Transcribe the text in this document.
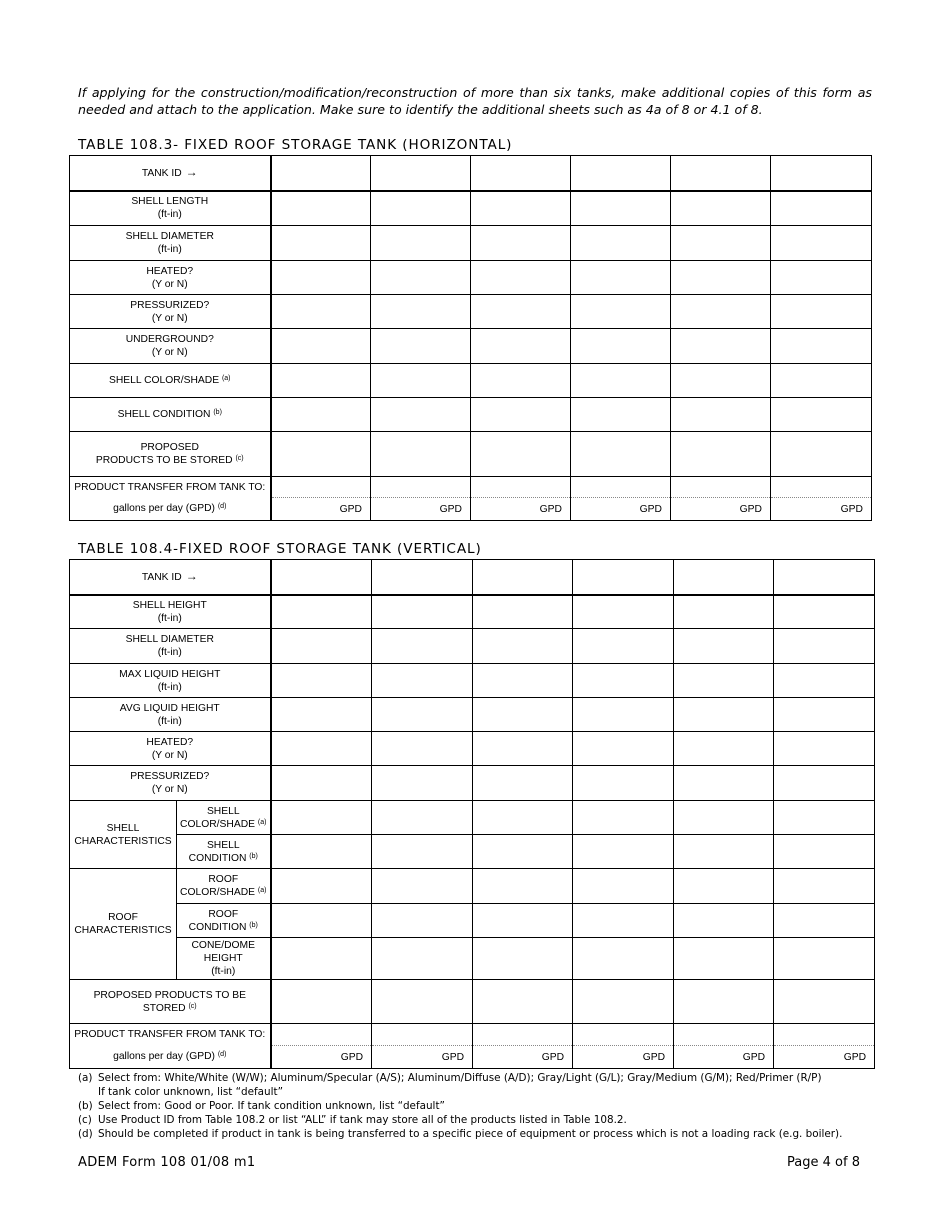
If applying for the construction/modification/reconstruction of more than six tanks, make additional copies of this form as needed and attach to the application. Make sure to identify the additional sheets such as 4a of 8 or 4.1 of 8.
TABLE 108.3- FIXED ROOF STORAGE TANK (HORIZONTAL)
TANK ID →						
SHELL LENGTH
(ft-in)						
SHELL DIAMETER
(ft-in)						
HEATED?
(Y or N)						
PRESSURIZED?
(Y or N)						
UNDERGROUND?
(Y or N)						
SHELL COLOR/SHADE $^{(a)}$						
SHELL CONDITION $^{(b)}$						
PROPOSED
PRODUCTS TO BE STORED $^{(c)}$						
PRODUCT TRANSFER FROM TANK TO:						
gallons per day (GPD) $^{(d)}$	GPD	GPD	GPD	GPD	GPD	GPD
TABLE 108.4-FIXED ROOF STORAGE TANK (VERTICAL)
TANK ID →							
SHELL HEIGHT
(ft-in)							
SHELL DIAMETER
(ft-in)							
MAX LIQUID HEIGHT
(ft-in)							
AVG LIQUID HEIGHT
(ft-in)							
HEATED?
(Y or N)							
PRESSURIZED?
(Y or N)							
SHELL
CHARACTERISTICS	SHELL
COLOR/SHADE $^{(a)}$						
	SHELL
CONDITION $^{(b)}$						
ROOF
CHARACTERISTICS	ROOF
COLOR/SHADE $^{(a)}$						
	ROOF
CONDITION $^{(b)}$						
	CONE/DOME
HEIGHT
(ft-in)						
PROPOSED PRODUCTS TO BE
STORED $^{(c)}$						
PRODUCT TRANSFER FROM TANK TO:							
gallons per day (GPD) $^{(d)}$		GPD	GPD	GPD	GPD	GPD	GPD
(a) Select from: White/White (W/W); Aluminum/Specular (A/S); Aluminum/Diffuse (A/D); Gray/Light (G/L); Gray/Medium (G/M); Red/Primer (R/P)
If tank color unknown, list “default”
(b) Select from: Good or Poor. If tank condition unknown, list “default”
(c) Use Product ID from Table 108.2 or list “ALL” if tank may store all of the products listed in Table 108.2.
(d) Should be completed if product in tank is being transferred to a specific piece of equipment or process which is not a loading rack (e.g. boiler).
ADEM Form 108 01/08 m1	Page 4 of 8
